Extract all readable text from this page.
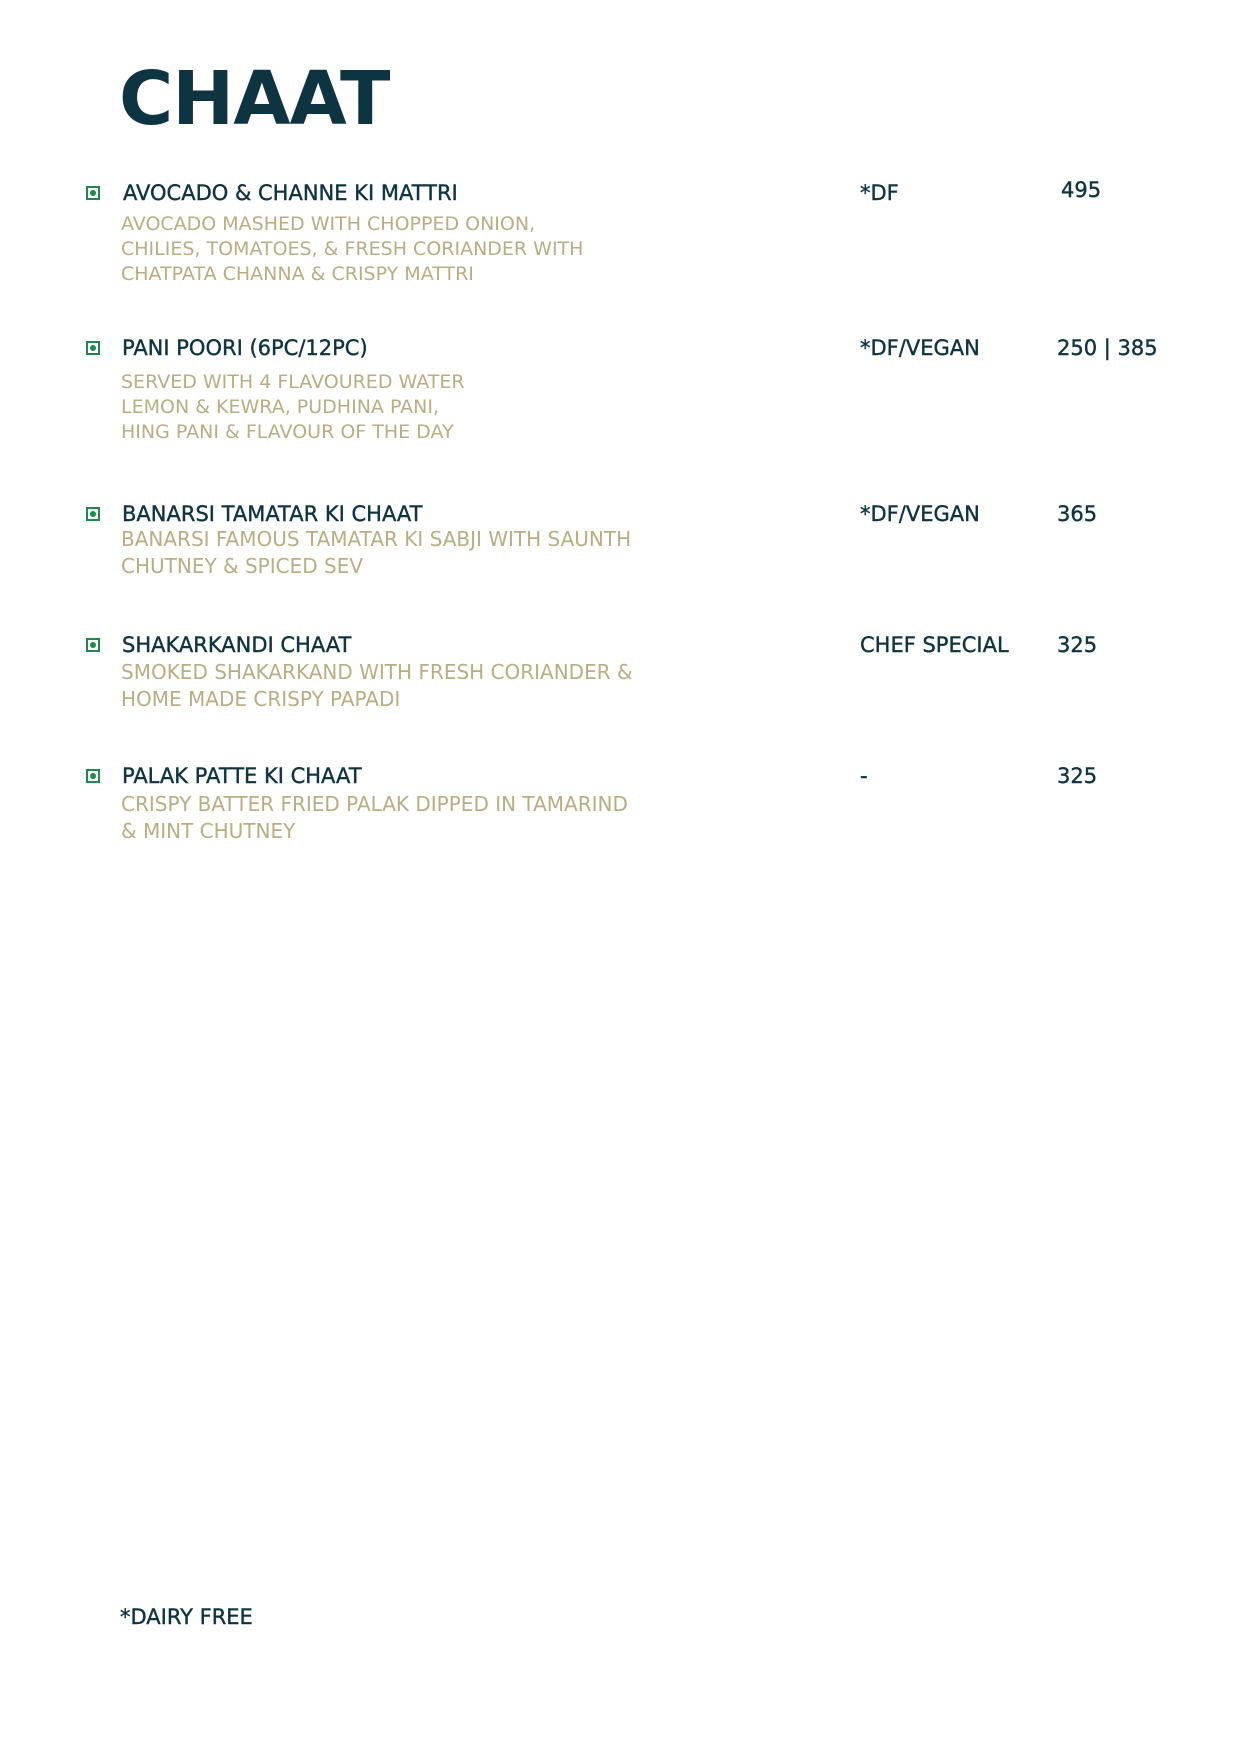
CHAAT
AVOCADO & CHANNE KI MATTRI

AVOCADO MASHED WITH CHOPPED ONION,
CHILIES, TOMATOES, & FRESH CORIANDER WITH
CHATPATA CHANNA & CRISPY MATTRI

*DF	495
PANI POORI (6PC/12PC)

SERVED WITH 4 FLAVOURED WATER
LEMON & KEWRA, PUDHINA PANI,
HING PANI & FLAVOUR OF THE DAY

*DF/VEGAN	250 | 385
BANARSI TAMATAR KI CHAAT

BANARSI FAMOUS TAMATAR KI SABJI WITH SAUNTH
CHUTNEY & SPICED SEV

*DF/VEGAN	365
SHAKARKANDI CHAAT

SMOKED SHAKARKAND WITH FRESH CORIANDER &
HOME MADE CRISPY PAPADI

CHEF SPECIAL 325
PALAK PATTE KI CHAAT

CRISPY BATTER FRIED PALAK DIPPED IN TAMARIND
& MINT CHUTNEY

-	325

*DAIRY FREE
